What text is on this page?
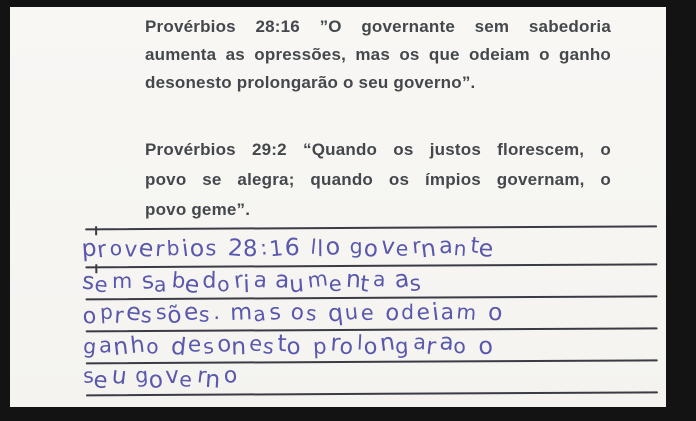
Provérbios 28:16 ”O governante sem sabedoria
aumenta as opressões, mas os que odeiam o ganho
desonesto prolongarão o seu governo”.
Provérbios 29:2 “Quando os justos florescem, o
povo se alegra; quando os ímpios governam, o
povo geme”.
proverbios 28:16 llo gove rnante
se m sa bedori a aume nt a as
opres sões. mas os que odeiam o
ganho desonesto pro long arao o
seu gove rno
